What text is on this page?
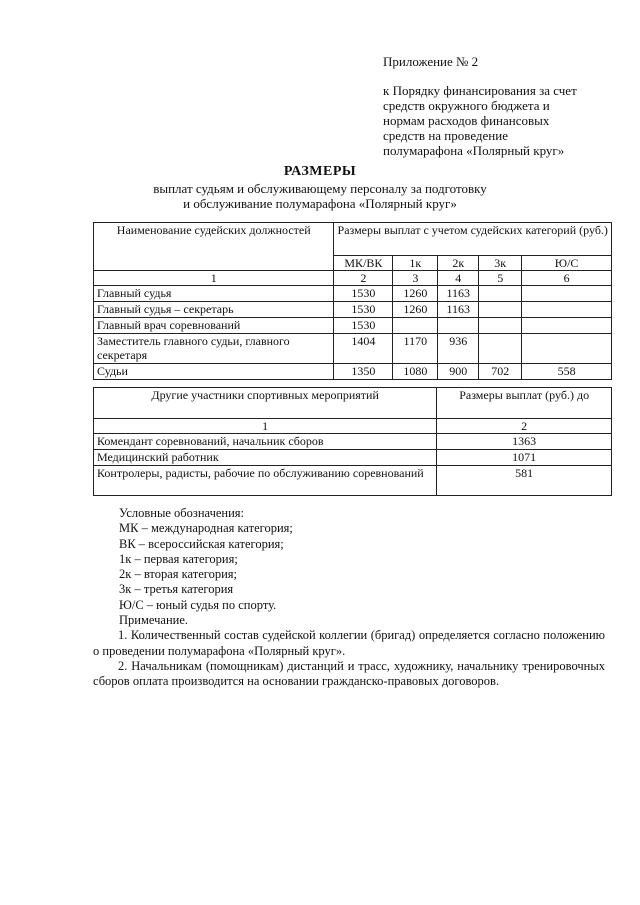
Приложение № 2
к Порядку финансирования за счет
средств окружного бюджета и
нормам расходов финансовых
средств на проведение
полумарафона «Полярный круг»
РАЗМЕРЫ
выплат судьям и обслуживающему персоналу за подготовку
и обслуживание полумарафона «Полярный круг»
Наименование судейских должностей	Размеры выплат с учетом судейских категорий (руб.)				
	МК/ВК	1к	2к	3к	Ю/С
1	2	3	4	5	6
Главный судья	1530	1260	1163		
Главный судья – секретарь	1530	1260	1163		
Главный врач соревнований	1530				
Заместитель главного судьи, главного секретаря	1404	1170	936		
Судьи	1350	1080	900	702	558
Другие участники спортивных мероприятий	Размеры выплат (руб.) до
1	2
Комендант соревнований, начальник сборов	1363
Медицинский работник	1071
Контролеры, радисты, рабочие по обслуживанию соревнований	581

Условные обозначения:

МК – международная категория;

ВК – всероссийская категория;

1к – первая категория;

2к – вторая категория;

3к – третья категория

Ю/С – юный судья по спорту.

Примечание.

1. Количественный состав судейской коллегии (бригад) определяется согласно положению о проведении полумарафона «Полярный круг».

2. Начальникам (помощникам) дистанций и трасс, художнику, начальнику тренировочных сборов оплата производится на основании гражданско-правовых договоров.
